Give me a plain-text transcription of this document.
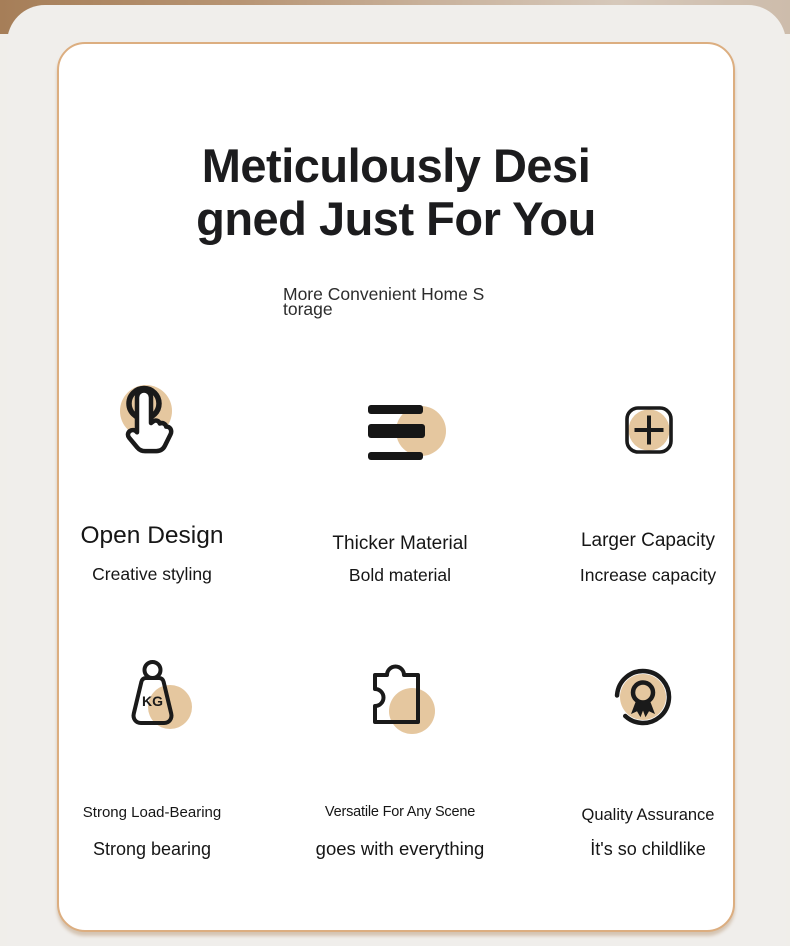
Meticulously Desi
gned Just For You

More Convenient Home S
torage

Open Design
Creative styling
Thicker Material
Bold material
Larger Capacity
Increase capacity
KG
Strong Load-Bearing
Strong bearing
Versatile For Any Scene
goes with everything
Quality Assurance
İt's so childlike
